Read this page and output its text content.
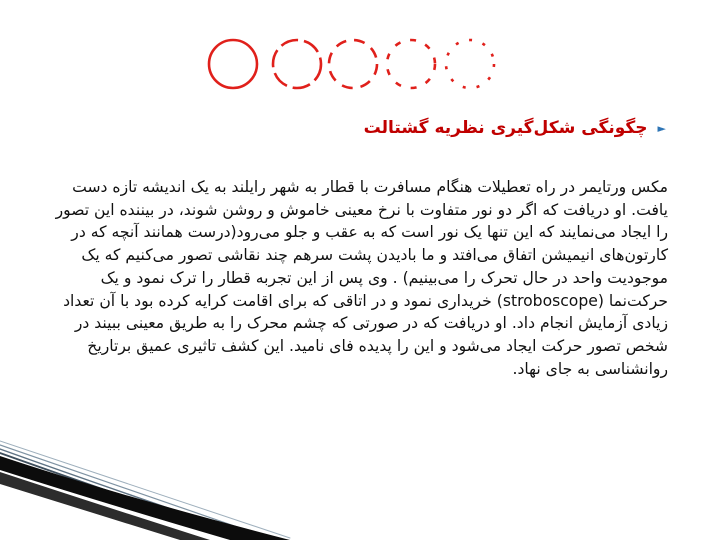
►
چگونگی شکل‌گیری نظریه گشتالت
مکس ورتایمر در راه تعطیلات هنگام مسافرت با قطار به شهر رایلند به یک اندیشه تازه دست یافت. او دریافت که اگر دو نور متفاوت با نرخ معینی خاموش و روشن شوند، در بیننده این تصور را ایجاد می‌نمایند که این تنها یک نور است که به عقب و جلو می‌رود(درست همانند آنچه که در کارتون‌های انیمیشن اتفاق می‌افتد و ما بادیدن پشت سرهم چند نقاشی تصور می‌کنیم که یک موجودیت واحد در حال تحرک را می‌بینیم) . وی پس از این تجربه قطار را ترک نمود و یک حرکت‌نما (stroboscope) خریداری نمود و در اتاقی که برای اقامت کرایه کرده بود با آن تعداد زیادی آزمایش انجام داد. او دریافت که در صورتی که چشم محرک را به طریق معینی ببیند در شخص تصور حرکت ایجاد می‌شود و این را پدیده فای نامید. این کشف تاثیری عمیق برتاریخ روانشناسی به جای نهاد.
